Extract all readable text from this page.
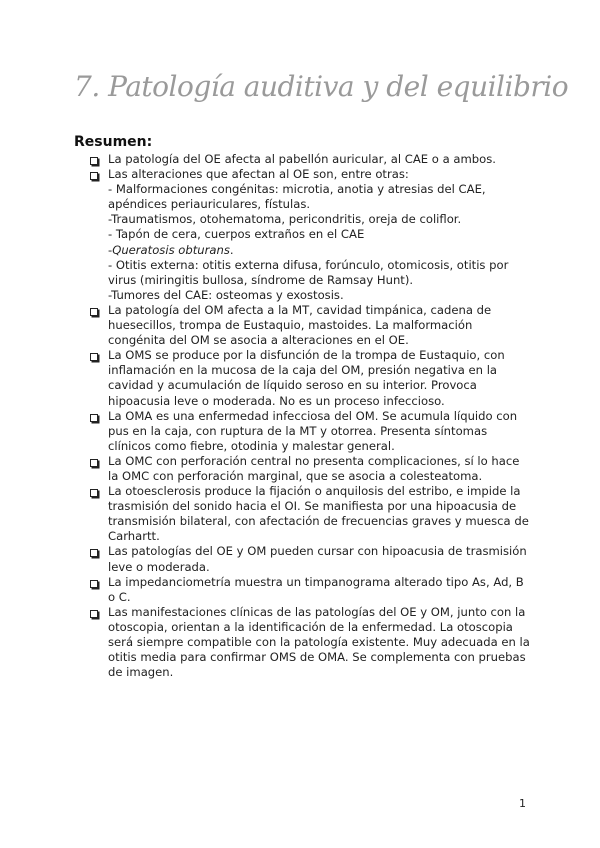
7. Patología auditiva y del equilibrio
Resumen:
La patología del OE afecta al pabellón auricular, al CAE o a ambos.
Las alteraciones que afectan al OE son, entre otras:
- Malformaciones congénitas: microtia, anotia y atresias del CAE, apéndices periauriculares, fístulas.
-Traumatismos, otohematoma, pericondritis, oreja de coliflor.
- Tapón de cera, cuerpos extraños en el CAE
-Queratosis obturans.
- Otitis externa: otitis externa difusa, forúnculo, otomicosis, otitis por virus (miringitis bullosa, síndrome de Ramsay Hunt).
-Tumores del CAE: osteomas y exostosis.
La patología del OM afecta a la MT, cavidad timpánica, cadena de huesecillos, trompa de Eustaquio, mastoides. La malformación congénita del OM se asocia a alteraciones en el OE.
La OMS se produce por la disfunción de la trompa de Eustaquio, con inflamación en la mucosa de la caja del OM, presión negativa en la cavidad y acumulación de líquido seroso en su interior. Provoca hipoacusia leve o moderada. No es un proceso infeccioso.
La OMA es una enfermedad infecciosa del OM. Se acumula líquido con pus en la caja, con ruptura de la MT y otorrea. Presenta síntomas clínicos como fiebre, otodinia y malestar general.
La OMC con perforación central no presenta complicaciones, sí lo hace la OMC con perforación marginal, que se asocia a colesteatoma.
La otoesclerosis produce la fijación o anquilosis del estribo, e impide la trasmisión del sonido hacia el OI. Se manifiesta por una hipoacusia de transmisión bilateral, con afectación de frecuencias graves y muesca de Carhartt.
Las patologías del OE y OM pueden cursar con hipoacusia de trasmisión leve o moderada.
La impedanciometría muestra un timpanograma alterado tipo As, Ad, B o C.
Las manifestaciones clínicas de las patologías del OE y OM, junto con la otoscopia, orientan a la identificación de la enfermedad. La otoscopia será siempre compatible con la patología existente. Muy adecuada en la otitis media para confirmar OMS de OMA. Se complementa con pruebas de imagen.
1
